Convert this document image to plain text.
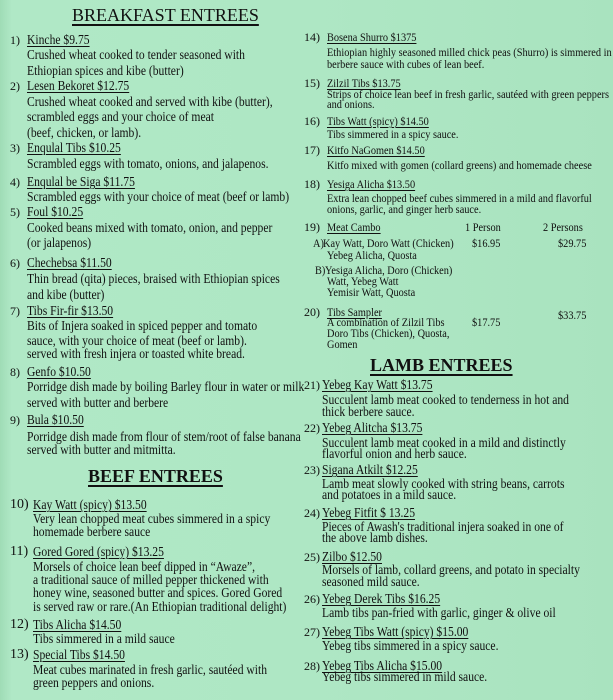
BREAKFAST ENTREES
1) Kinche $9.75
Crushed wheat cooked to tender seasoned with
Ethiopian spices and kibe (butter)
2) Lesen Bekoret $12.75
Crushed wheat cooked and served with kibe (butter),
scrambled eggs and your choice of meat
(beef, chicken, or lamb).
3) Enqulal Tibs $10.25
Scrambled eggs with tomato, onions, and jalapenos.
4) Enqulal be Siga $11.75
Scrambled eggs with your choice of meat (beef or lamb)
5) Foul $10.25
Cooked beans mixed with tomato, onion, and pepper
(or jalapenos)
6) Chechebsa $11.50
Thin bread (qita) pieces, braised with Ethiopian spices
and kibe (butter)
7) Tibs Fir-fir $13.50
Bits of Injera soaked in spiced pepper and tomato
sauce, with your choice of meat (beef or lamb).
served with fresh injera or toasted white bread.
8) Genfo $10.50
Porridge dish made by boiling Barley flour in water or milk
served with butter and berbere
9) Bula $10.50
Porridge dish made from flour of stem/root of false banana
served with butter and mitmitta.
BEEF ENTREES
10) Kay Watt (spicy) $13.50
Very lean chopped meat cubes simmered in a spicy
homemade berbere sauce
11) Gored Gored (spicy) $13.25
Morsels of choice lean beef dipped in “Awaze”,
a traditional sauce of milled pepper thickened with
honey wine, seasoned butter and spices. Gored Gored
is served raw or rare.(An Ethiopian traditional delight)
12) Tibs Alicha $14.50
Tibs simmered in a mild sauce
13) Special Tibs $14.50
Meat cubes marinated in fresh garlic, sautéed with
green peppers and onions.
14) Bosena Shurro $1375
Ethiopian highly seasoned milled chick peas (Shurro) is simmered in
berbere sauce with cubes of lean beef.
15) Zilzil Tibs $13.75
Strips of choice lean beef in fresh garlic, sautéed with green peppers
and onions.
16) Tibs Watt (spicy) $14.50
Tibs simmered in a spicy sauce.
17) Kitfo NaGomen $14.50
Kitfo mixed with gomen (collard greens) and homemade cheese
18) Yesiga Alicha $13.50
Extra lean chopped beef cubes simmered in a mild and flavorful
onions, garlic, and ginger herb sauce.
19) Meat Cambo	1 Person	2 Persons
A) Kay Watt, Doro Watt (Chicken)
Yebeg Alicha, Quosta
$16.95	$29.75
B) Yesiga Alicha, Doro (Chicken)
Watt, Yebeg Watt
Yemisir Watt, Quosta
20) Tibs Sampler
A combination of Zilzil Tibs
Doro Tibs (Chicken), Quosta,
Gomen
$17.75	$33.75
LAMB ENTREES
21) Yebeg Kay Watt $13.75
Succulent lamb meat cooked to tenderness in hot and
thick berbere sauce.
22) Yebeg Alitcha $13.75
Succulent lamb meat cooked in a mild and distinctly
flavorful onion and herb sauce.
23) Sigana Atkilt $12.25
Lamb meat slowly cooked with string beans, carrots
and potatoes in a mild sauce.
24) Yebeg Fitfit $ 13.25
Pieces of Awash's traditional injera soaked in one of
the above lamb dishes.
25) Zilbo $12.50
Morsels of lamb, collard greens, and potato in specialty
seasoned mild sauce.
26) Yebeg Derek Tibs $16.25
Lamb tibs pan-fried with garlic, ginger & olive oil
27) Yebeg Tibs Watt (spicy) $15.00
Yebeg tibs simmered in a spicy sauce.
28) Yebeg Tibs Alicha $15.00
Yebeg tibs simmered in mild sauce.
